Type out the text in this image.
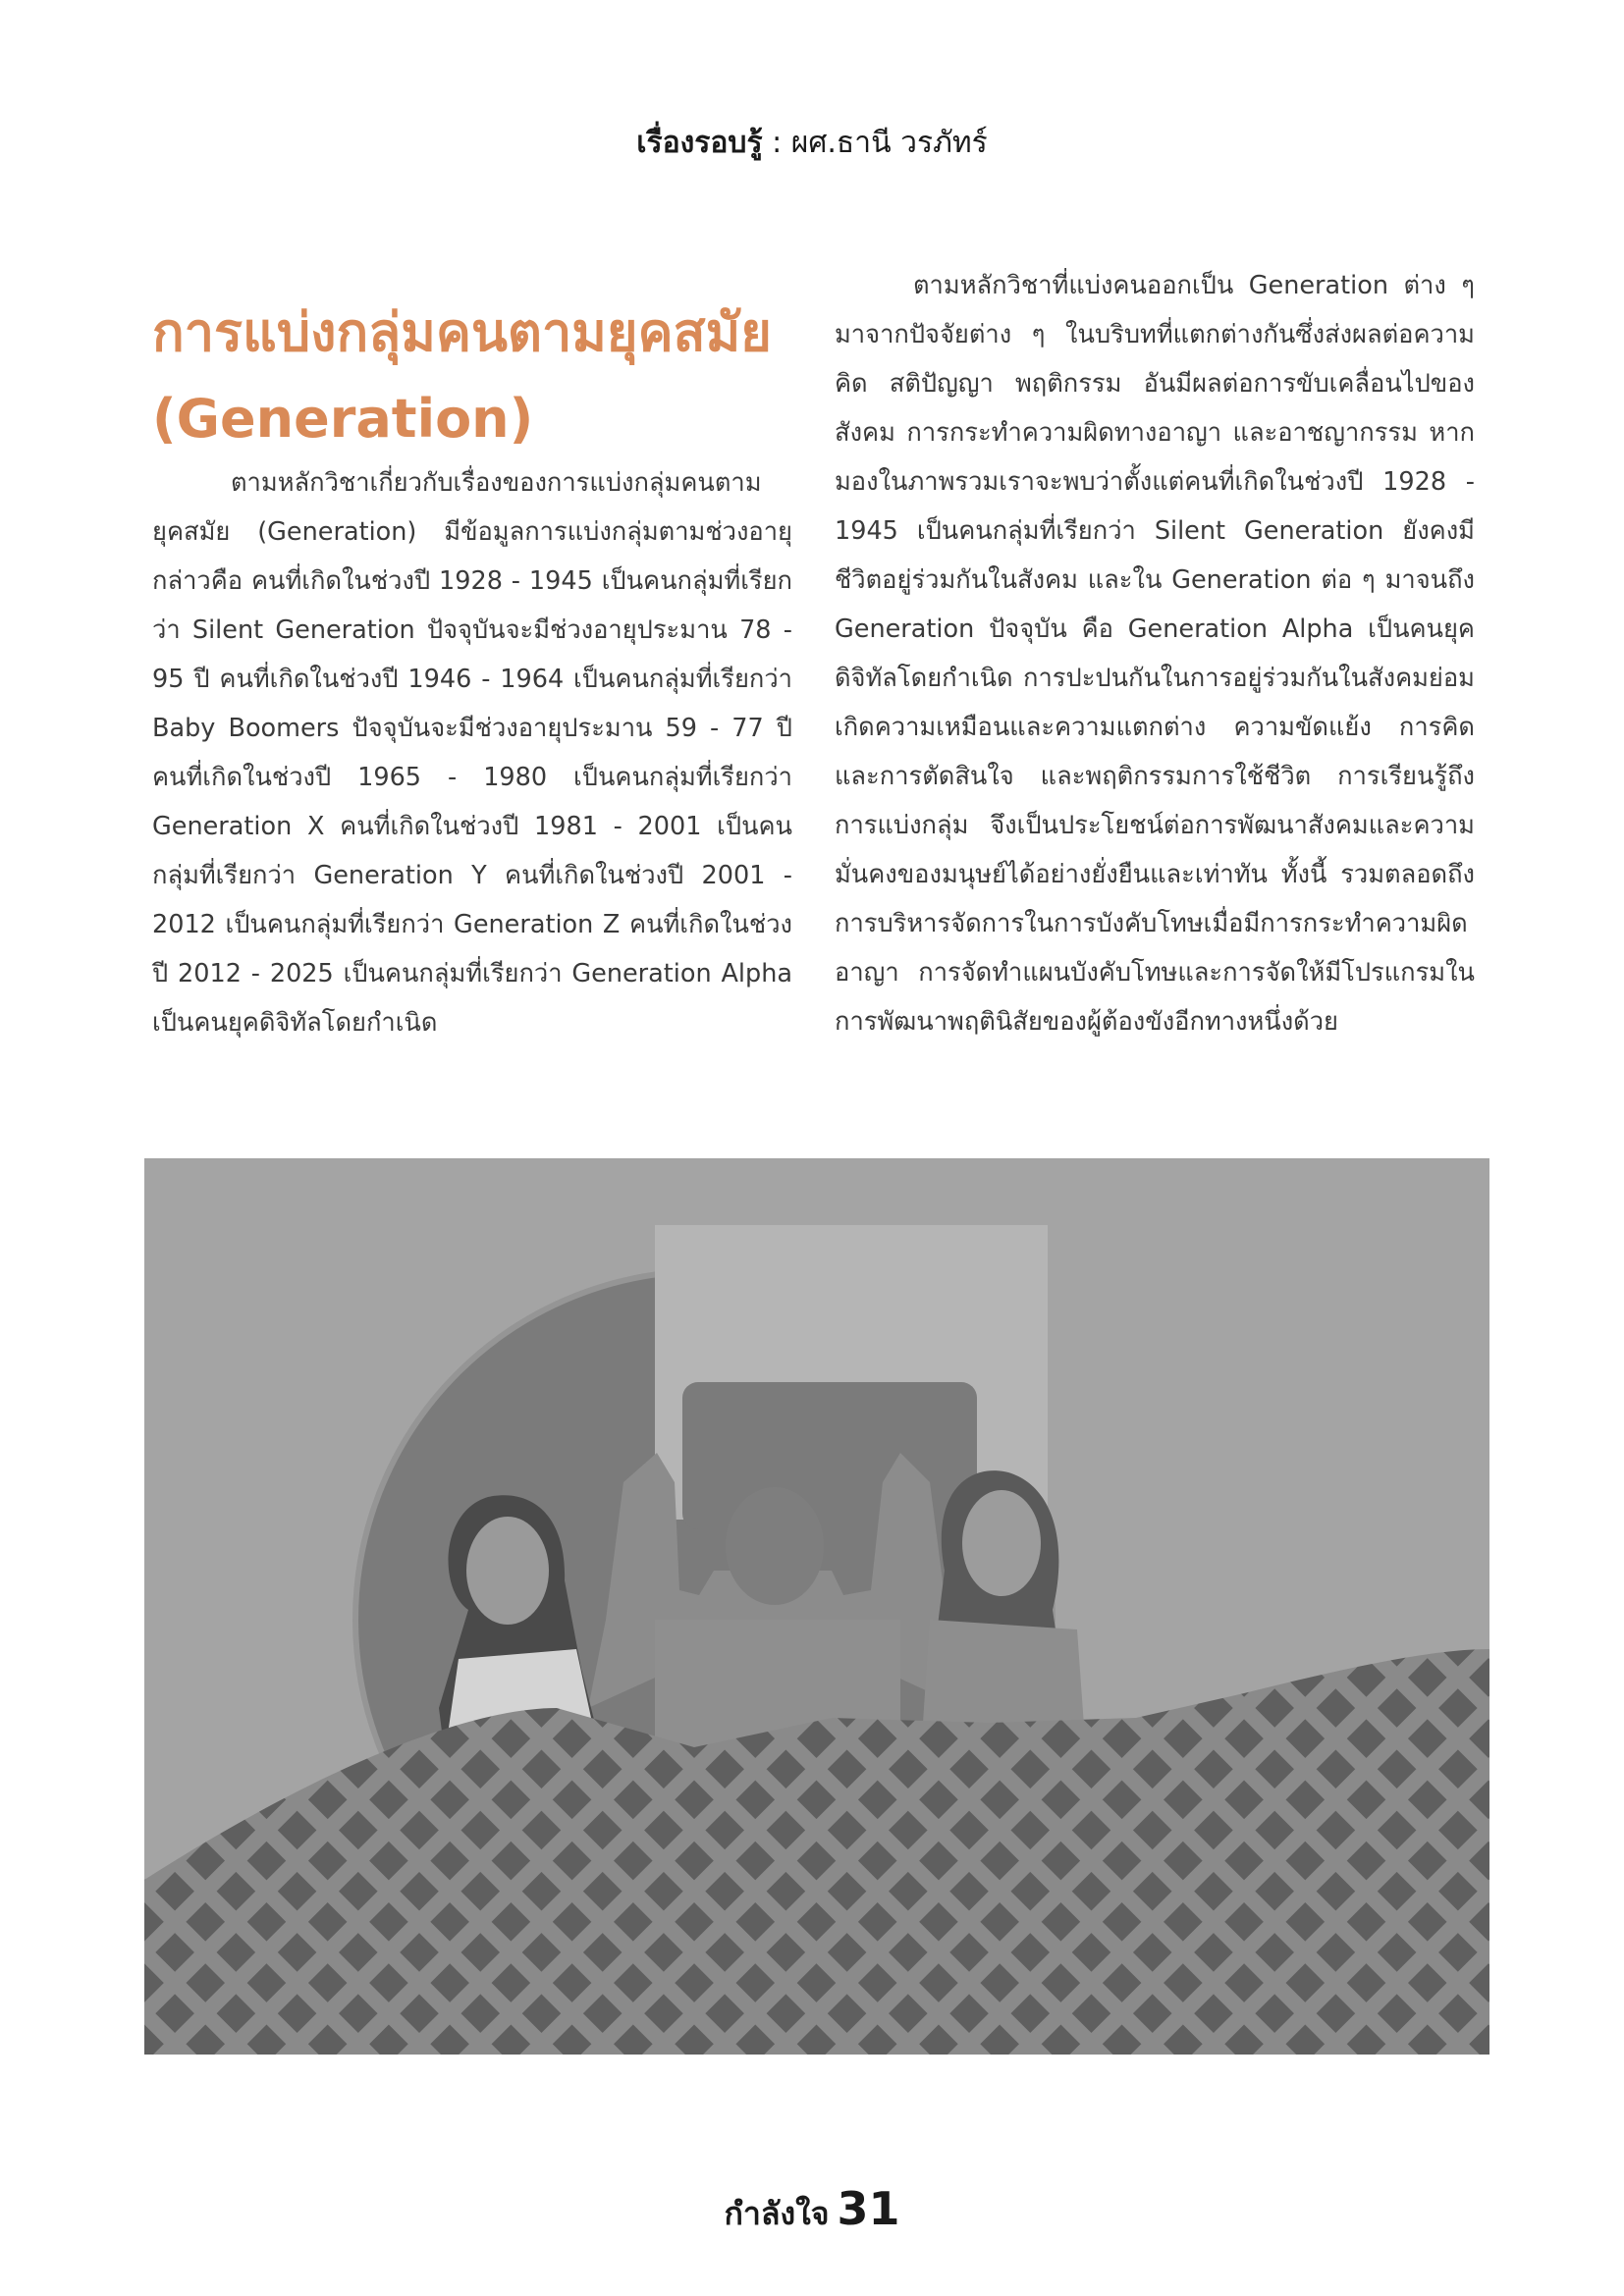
เรื่องรอบรู้ : ผศ.ธานี วรภัทร์
การแบ่งกลุ่มคนตามยุคสมัย
(Generation)

ตามหลักวิชาเกี่ยวกับเรื่องของการแบ่งกลุ่มคนตามยุคสมัย (Generation) มีข้อมูลการแบ่งกลุ่มตามช่วงอายุ กล่าวคือ คนที่เกิดในช่วงปี 1928 - 1945 เป็นคนกลุ่มที่เรียกว่า Silent Generation ปัจจุบันจะมีช่วงอายุประมาน 78 - 95 ปี คนที่เกิดในช่วงปี 1946 - 1964 เป็นคนกลุ่มที่เรียกว่า Baby Boomers ปัจจุบันจะมีช่วงอายุประมาน 59 - 77 ปี คนที่เกิดในช่วงปี 1965 - 1980 เป็นคนกลุ่มที่เรียกว่า Generation X คนที่เกิดในช่วงปี 1981 - 2001 เป็นคนกลุ่มที่เรียกว่า Generation Y คนที่เกิดในช่วงปี 2001 - 2012 เป็นคนกลุ่มที่เรียกว่า Generation Z คนที่เกิดในช่วงปี 2012 - 2025 เป็นคนกลุ่มที่เรียกว่า Generation Alpha เป็นคนยุคดิจิทัลโดยกำเนิด

ตามหลักวิชาที่แบ่งคนออกเป็น Generation ต่าง ๆ มาจากปัจจัยต่าง ๆ ในบริบทที่แตกต่างกันซึ่งส่งผลต่อความคิด สติปัญญา พฤติกรรม อันมีผลต่อการขับเคลื่อนไปของสังคม การกระทำความผิดทางอาญา และอาชญากรรม หากมองในภาพรวมเราจะพบว่าตั้งแต่คนที่เกิดในช่วงปี 1928 - 1945 เป็นคนกลุ่มที่เรียกว่า Silent Generation ยังคงมีชีวิตอยู่ร่วมกันในสังคม และใน Generation ต่อ ๆ มาจนถึง Generation ปัจจุบัน คือ Generation Alpha เป็นคนยุคดิจิทัลโดยกำเนิด การปะปนกันในการอยู่ร่วมกันในสังคมย่อมเกิดความเหมือนและความแตกต่าง ความขัดแย้ง การคิดและการตัดสินใจ และพฤติกรรมการใช้ชีวิต การเรียนรู้ถึงการแบ่งกลุ่ม จึงเป็นประโยชน์ต่อการพัฒนาสังคมและความมั่นคงของมนุษย์ได้อย่างยั่งยืนและเท่าทัน ทั้งนี้ รวมตลอดถึงการบริหารจัดการในการบังคับโทษเมื่อมีการกระทำความผิดอาญา การจัดทำแผนบังคับโทษและการจัดให้มีโปรแกรมในการพัฒนาพฤตินิสัยของผู้ต้องขังอีกทางหนึ่งด้วย

กำลังใจ 31
